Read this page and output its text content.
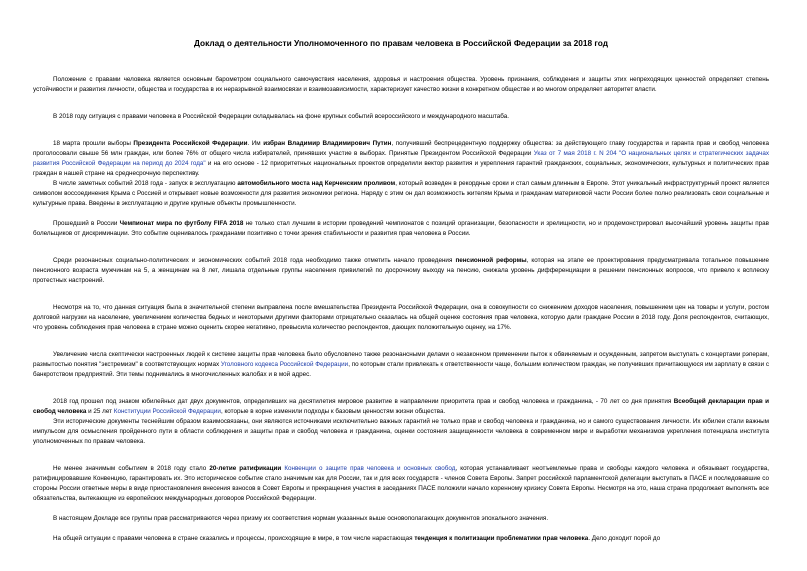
Доклад о деятельности Уполномоченного по правам человека в Российской Федерации за 2018 год

Положение с правами человека является основным барометром социального самочувствия населения, здоровья и настроения общества. Уровень признания, соблюдения и защиты этих непреходящих ценностей определяет степень устойчивости и развития личности, общества и государства в их неразрывной взаимосвязи и взаимозависимости, характеризует качество жизни в конкретном обществе и во многом определяет авторитет власти.

В 2018 году ситуация с правами человека в Российской Федерации складывалась на фоне крупных событий всероссийского и международного масштаба.

18 марта прошли выборы Президента Российской Федерации. Им избран Владимир Владимирович Путин, получивший беспрецедентную поддержку общества: за действующего главу государства и гаранта прав и свобод человека проголосовали свыше 56 млн граждан, или более 76% от общего числа избирателей, принявших участие в выборах. Принятые Президентом Российской Федерации Указ от 7 мая 2018 г. N 204 "О национальных целях и стратегических задачах развития Российской Федерации на период до 2024 года" и на его основе - 12 приоритетных национальных проектов определили вектор развития и укрепления гарантий гражданских, социальных, экономических, культурных и политических прав граждан в нашей стране на среднесрочную перспективу.

В числе заметных событий 2018 года - запуск в эксплуатацию автомобильного моста над Керченским проливом, который возведен в рекордные сроки и стал самым длинным в Европе. Этот уникальный инфраструктурный проект является символом воссоединения Крыма с Россией и открывает новые возможности для развития экономики региона. Наряду с этим он дал возможность жителям Крыма и гражданам материковой части России более полно реализовать свои социальные и культурные права. Введены в эксплуатацию и другие крупные объекты промышленности.

Прошедший в России Чемпионат мира по футболу FIFA 2018 не только стал лучшим в истории проведений чемпионатов с позиций организации, безопасности и зрелищности, но и продемонстрировал высочайший уровень защиты прав болельщиков от дискриминации. Это событие оценивалось гражданами позитивно с точки зрения стабильности и развития прав человека в России.

Среди резонансных социально-политических и экономических событий 2018 года необходимо также отметить начало проведения пенсионной реформы, которая на этапе ее проектирования предусматривала тотальное повышение пенсионного возраста мужчинам на 5, а женщинам на 8 лет, лишала отдельные группы населения привилегий по досрочному выходу на пенсию, снижала уровень дифференциации в решении пенсионных вопросов, что привело к всплеску протестных настроений.

Несмотря на то, что данная ситуация была в значительной степени выправлена после вмешательства Президента Российской Федерации, она в совокупности со снижением доходов населения, повышением цен на товары и услуги, ростом долговой нагрузки на население, увеличением количества бедных и некоторыми другими факторами отрицательно сказалась на общей оценке состояния прав человека, которую дали граждане России в 2018 году. Доля респондентов, считающих, что уровень соблюдения прав человека в стране можно оценить скорее негативно, превысила количество респондентов, дающих положительную оценку, на 17%.

Увеличение числа скептически настроенных людей к системе защиты прав человека было обусловлено также резонансными делами о незаконном применении пыток к обвиняемым и осужденным, запретом выступать с концертами рэперам, размытостью понятия "экстремизм" в соответствующих нормах Уголовного кодекса Российской Федерации, по которым стали привлекать к ответственности чаще, большим количеством граждан, не получивших причитающуюся им зарплату в связи с банкротством предприятий. Эти темы поднимались в многочисленных жалобах и в мой адрес.

2018 год прошел под знаком юбилейных дат двух документов, определивших на десятилетия мировое развитие в направлении приоритета прав и свобод человека и гражданина, - 70 лет со дня принятия Всеобщей декларации прав и свобод человека и 25 лет Конституции Российской Федерации, которые в корне изменили подходы к базовым ценностям жизни общества.

Эти исторические документы теснейшим образом взаимосвязаны, они являются источниками исключительно важных гарантий не только прав и свобод человека и гражданина, но и самого существования личности. Их юбилеи стали важным импульсом для осмысления пройденного пути в области соблюдения и защиты прав и свобод человека и гражданина, оценки состояния защищенности человека в современном мире и выработки механизмов укрепления потенциала института уполномоченных по правам человека.

Не менее значимым событием в 2018 году стало 20-летие ратификации Конвенции о защите прав человека и основных свобод, которая устанавливает неотъемлемые права и свободы каждого человека и обязывает государства, ратифицировавшие Конвенцию, гарантировать их. Это историческое событие стало значимым как для России, так и для всех государств - членов Совета Европы. Запрет российской парламентской делегации выступать в ПАСЕ и последовавшие со стороны России ответные меры в виде приостановления внесения взносов в Совет Европы и прекращения участия в заседаниях ПАСЕ положили начало коренному кризису Совета Европы. Несмотря на это, наша страна продолжает выполнять все обязательства, вытекающие из европейских международных договоров Российской Федерации.

В настоящем Докладе все группы прав рассматриваются через призму их соответствия нормам указанных выше основополагающих документов эпохального значения.

На общей ситуации с правами человека в стране сказались и процессы, происходящие в мире, в том числе нарастающая тенденция к политизации проблематики прав человека. Дело доходит порой до
